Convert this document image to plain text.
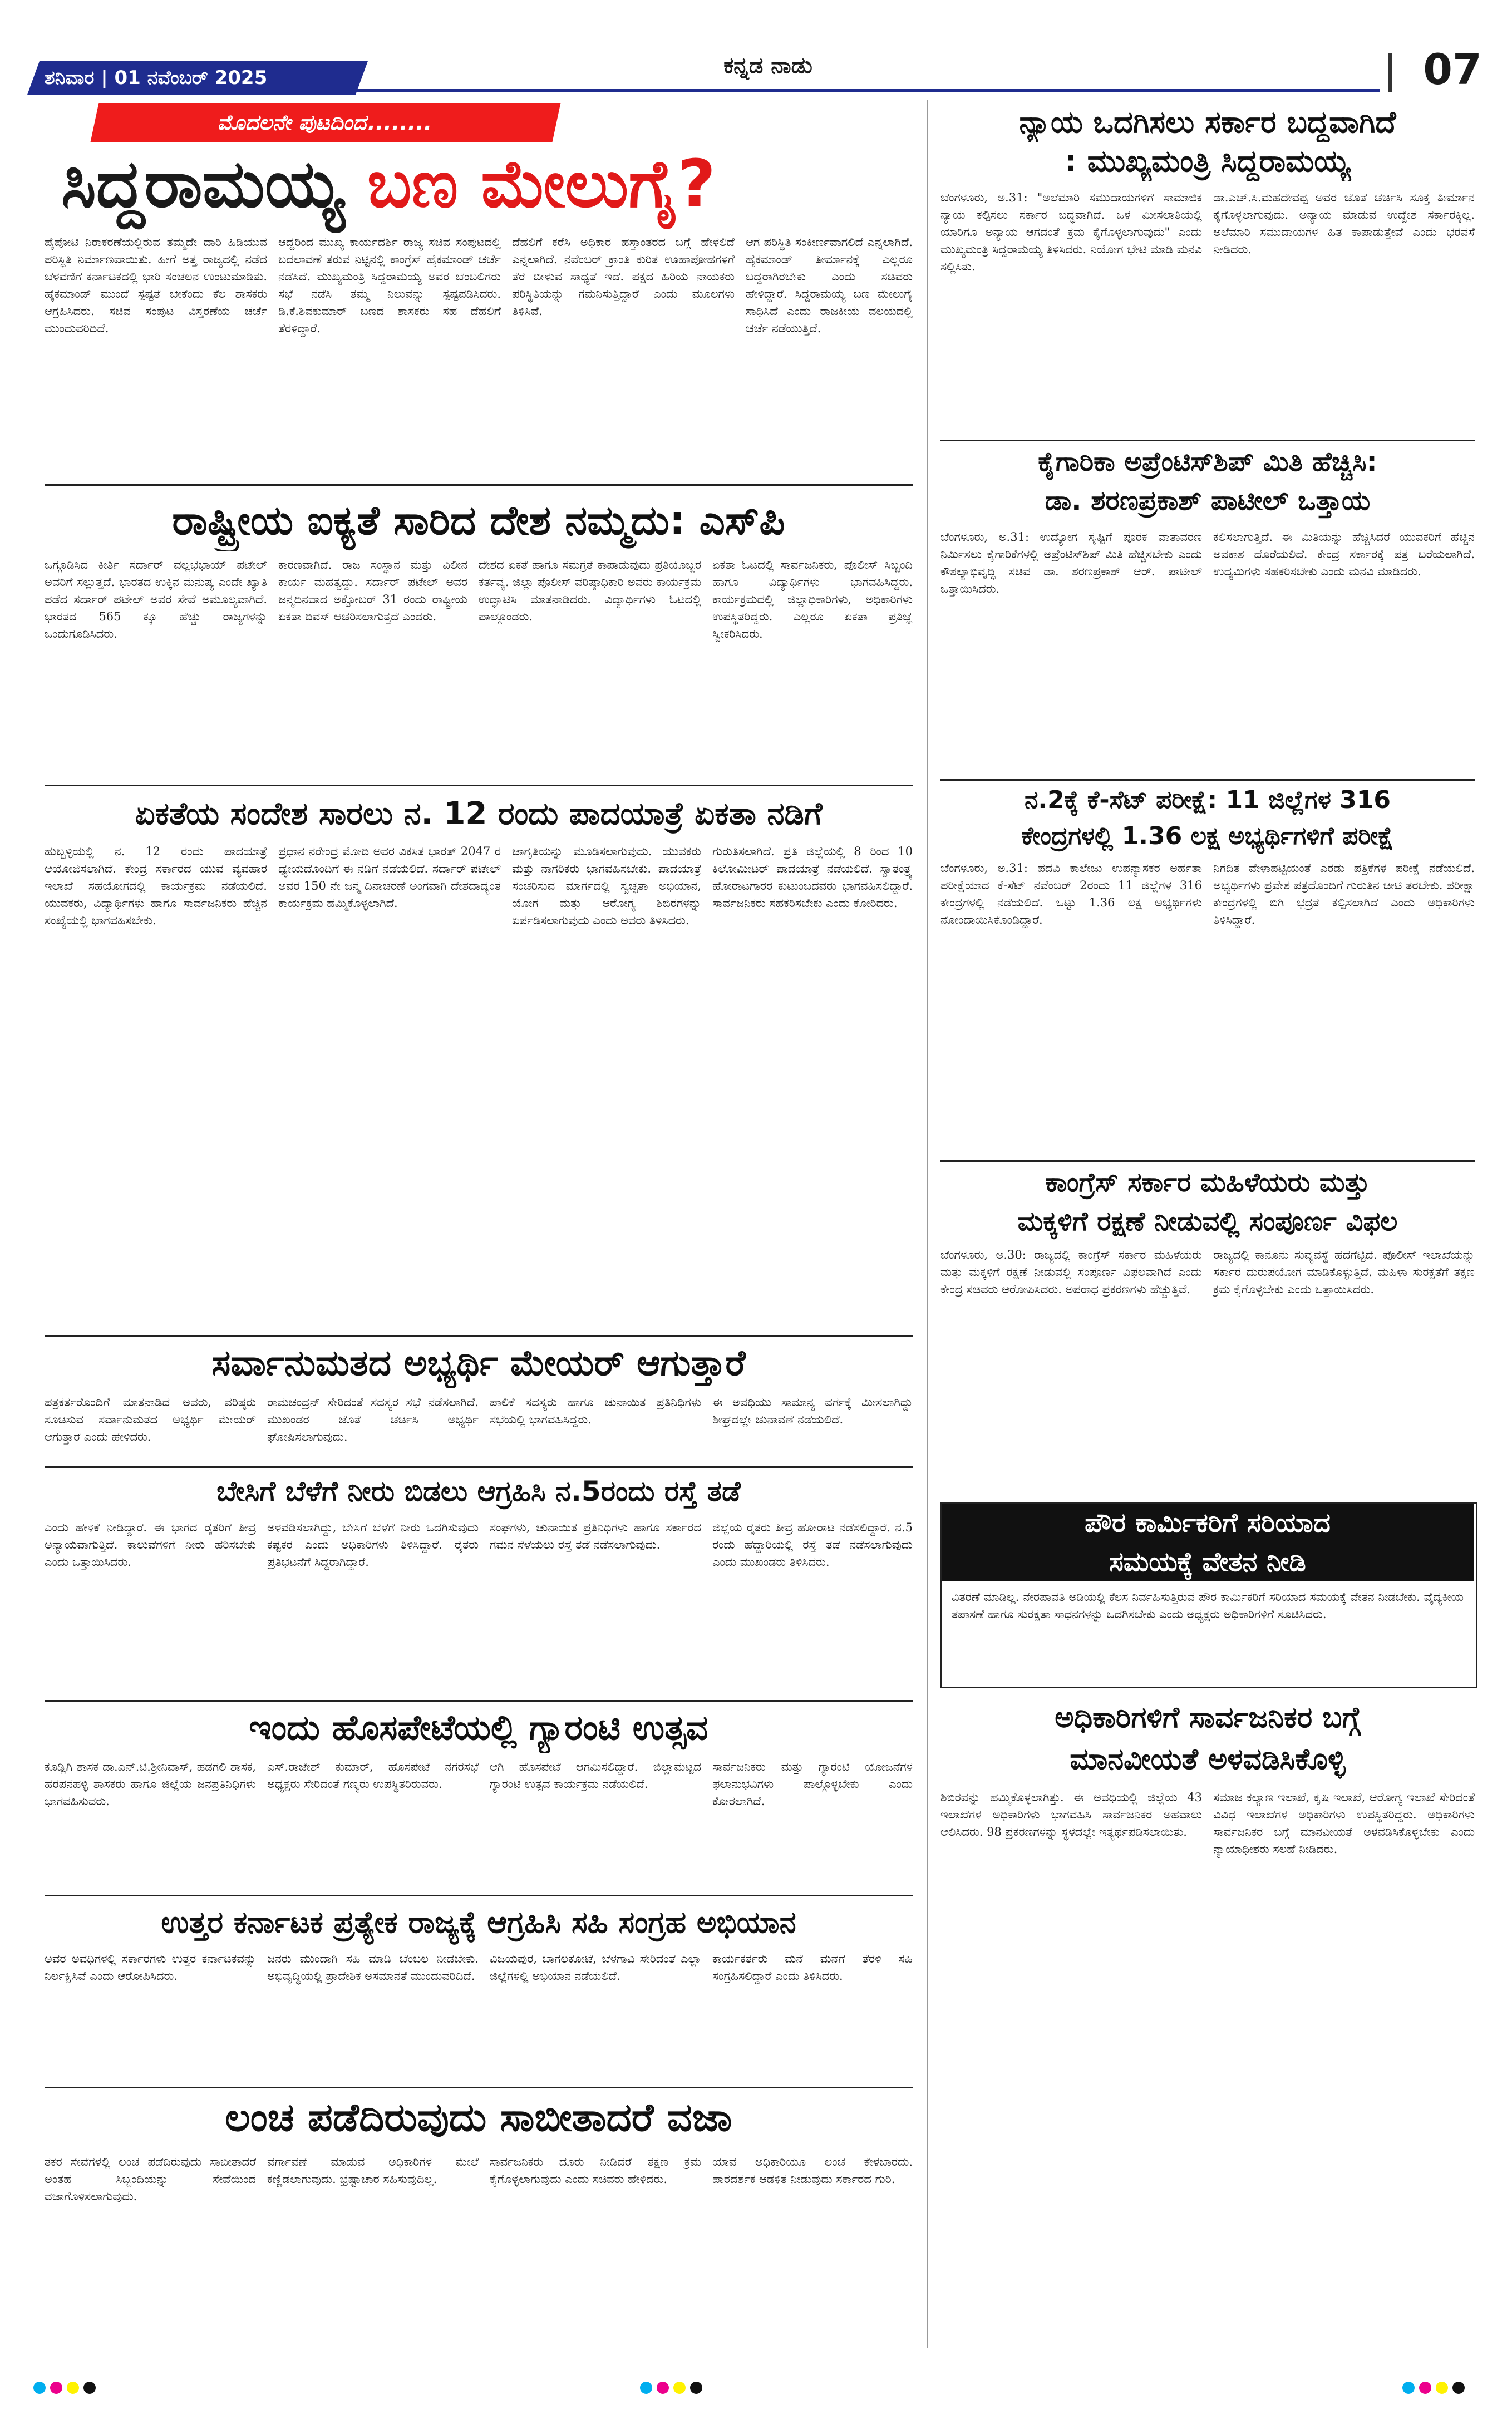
ಶನಿವಾರ | 01 ನವೆಂಬರ್ 2025	ಕನ್ನಡ ನಾಡು	07
ಮೊದಲನೇ ಪುಟದಿಂದ........
ಸಿದ್ದರಾಮಯ್ಯ ಬಣ ಮೇಲುಗೈ?
ಪೈಪೋಟಿ ನಿರಾಕರಣೆಯಲ್ಲಿರುವ ತಮ್ಮದೇ ದಾರಿ ಹಿಡಿಯುವ ಪರಿಸ್ಥಿತಿ ನಿರ್ಮಾಣವಾಯಿತು. ಹೀಗೆ ಅತ್ತ ರಾಜ್ಯದಲ್ಲಿ ನಡೆದ ಬೆಳವಣಿಗೆ ಕರ್ನಾಟಕದಲ್ಲಿ ಭಾರಿ ಸಂಚಲನ ಉಂಟುಮಾಡಿತು. ಹೈಕಮಾಂಡ್ ಮುಂದೆ ಸ್ಪಷ್ಟತೆ ಬೇಕೆಂದು ಕೆಲ ಶಾಸಕರು ಆಗ್ರಹಿಸಿದರು. ಸಚಿವ ಸಂಪುಟ ವಿಸ್ತರಣೆಯ ಚರ್ಚೆ ಮುಂದುವರಿದಿದೆ.
ಆದ್ದರಿಂದ ಮುಖ್ಯ ಕಾರ್ಯದರ್ಶಿ ರಾಜ್ಯ ಸಚಿವ ಸಂಪುಟದಲ್ಲಿ ಬದಲಾವಣೆ ತರುವ ನಿಟ್ಟಿನಲ್ಲಿ ಕಾಂಗ್ರೆಸ್ ಹೈಕಮಾಂಡ್ ಚರ್ಚೆ ನಡೆಸಿದೆ. ಮುಖ್ಯಮಂತ್ರಿ ಸಿದ್ದರಾಮಯ್ಯ ಅವರ ಬೆಂಬಲಿಗರು ಸಭೆ ನಡೆಸಿ ತಮ್ಮ ನಿಲುವನ್ನು ಸ್ಪಷ್ಟಪಡಿಸಿದರು. ಡಿ.ಕೆ.ಶಿವಕುಮಾರ್ ಬಣದ ಶಾಸಕರು ಸಹ ದೆಹಲಿಗೆ ತೆರಳಿದ್ದಾರೆ.
ದೆಹಲಿಗೆ ಕರೆಸಿ ಅಧಿಕಾರ ಹಸ್ತಾಂತರದ ಬಗ್ಗೆ ಹೇಳಲಿದೆ ಎನ್ನಲಾಗಿದೆ. ನವೆಂಬರ್ ಕ್ರಾಂತಿ ಕುರಿತ ಊಹಾಪೋಹಗಳಿಗೆ ತೆರೆ ಬೀಳುವ ಸಾಧ್ಯತೆ ಇದೆ. ಪಕ್ಷದ ಹಿರಿಯ ನಾಯಕರು ಪರಿಸ್ಥಿತಿಯನ್ನು ಗಮನಿಸುತ್ತಿದ್ದಾರೆ ಎಂದು ಮೂಲಗಳು ತಿಳಿಸಿವೆ.
ಆಗ ಪರಿಸ್ಥಿತಿ ಸಂಕೀರ್ಣವಾಗಲಿದೆ ಎನ್ನಲಾಗಿದೆ. ಹೈಕಮಾಂಡ್ ತೀರ್ಮಾನಕ್ಕೆ ಎಲ್ಲರೂ ಬದ್ಧರಾಗಿರಬೇಕು ಎಂದು ಸಚಿವರು ಹೇಳಿದ್ದಾರೆ. ಸಿದ್ದರಾಮಯ್ಯ ಬಣ ಮೇಲುಗೈ ಸಾಧಿಸಿದೆ ಎಂದು ರಾಜಕೀಯ ವಲಯದಲ್ಲಿ ಚರ್ಚೆ ನಡೆಯುತ್ತಿದೆ.
ರಾಷ್ಟ್ರೀಯ ಐಕ್ಯತೆ ಸಾರಿದ ದೇಶ ನಮ್ಮದು: ಎಸ್‌ಪಿ
ಒಗ್ಗೂಡಿಸಿದ ಕೀರ್ತಿ ಸರ್ದಾರ್ ವಲ್ಲಭಭಾಯ್ ಪಟೇಲ್ ಅವರಿಗೆ ಸಲ್ಲುತ್ತದೆ. ಭಾರತದ ಉಕ್ಕಿನ ಮನುಷ್ಯ ಎಂದೇ ಖ್ಯಾತಿ ಪಡೆದ ಸರ್ದಾರ್ ಪಟೇಲ್ ಅವರ ಸೇವೆ ಅಮೂಲ್ಯವಾಗಿದೆ. ಭಾರತದ 565 ಕ್ಕೂ ಹೆಚ್ಚು ರಾಜ್ಯಗಳನ್ನು ಒಂದುಗೂಡಿಸಿದರು.
ಕಾರಣವಾಗಿದೆ. ರಾಜ ಸಂಸ್ಥಾನ ಮತ್ತು ವಿಲೀನ ಕಾರ್ಯ ಮಹತ್ವದ್ದು. ಸರ್ದಾರ್ ಪಟೇಲ್ ಅವರ ಜನ್ಮದಿನವಾದ ಅಕ್ಟೋಬರ್ 31 ರಂದು ರಾಷ್ಟ್ರೀಯ ಏಕತಾ ದಿವಸ್ ಆಚರಿಸಲಾಗುತ್ತದೆ ಎಂದರು.
ದೇಶದ ಏಕತೆ ಹಾಗೂ ಸಮಗ್ರತೆ ಕಾಪಾಡುವುದು ಪ್ರತಿಯೊಬ್ಬರ ಕರ್ತವ್ಯ. ಜಿಲ್ಲಾ ಪೊಲೀಸ್ ವರಿಷ್ಠಾಧಿಕಾರಿ ಅವರು ಕಾರ್ಯಕ್ರಮ ಉದ್ಘಾಟಿಸಿ ಮಾತನಾಡಿದರು. ವಿದ್ಯಾರ್ಥಿಗಳು ಓಟದಲ್ಲಿ ಪಾಲ್ಗೊಂಡರು.
ಏಕತಾ ಓಟದಲ್ಲಿ ಸಾರ್ವಜನಿಕರು, ಪೊಲೀಸ್ ಸಿಬ್ಬಂದಿ ಹಾಗೂ ವಿದ್ಯಾರ್ಥಿಗಳು ಭಾಗವಹಿಸಿದ್ದರು. ಕಾರ್ಯಕ್ರಮದಲ್ಲಿ ಜಿಲ್ಲಾಧಿಕಾರಿಗಳು, ಅಧಿಕಾರಿಗಳು ಉಪಸ್ಥಿತರಿದ್ದರು. ಎಲ್ಲರೂ ಏಕತಾ ಪ್ರತಿಜ್ಞೆ ಸ್ವೀಕರಿಸಿದರು.
ಏಕತೆಯ ಸಂದೇಶ ಸಾರಲು ನ. 12 ರಂದು ಪಾದಯಾತ್ರೆ ಏಕತಾ ನಡಿಗೆ
ಹುಬ್ಬಳ್ಳಿಯಲ್ಲಿ ನ. 12 ರಂದು ಪಾದಯಾತ್ರೆ ಆಯೋಜಿಸಲಾಗಿದೆ. ಕೇಂದ್ರ ಸರ್ಕಾರದ ಯುವ ವ್ಯವಹಾರ ಇಲಾಖೆ ಸಹಯೋಗದಲ್ಲಿ ಕಾರ್ಯಕ್ರಮ ನಡೆಯಲಿದೆ. ಯುವಕರು, ವಿದ್ಯಾರ್ಥಿಗಳು ಹಾಗೂ ಸಾರ್ವಜನಿಕರು ಹೆಚ್ಚಿನ ಸಂಖ್ಯೆಯಲ್ಲಿ ಭಾಗವಹಿಸಬೇಕು.
ಪ್ರಧಾನ ನರೇಂದ್ರ ಮೋದಿ ಅವರ ವಿಕಸಿತ ಭಾರತ್ 2047 ರ ಧ್ಯೇಯದೊಂದಿಗೆ ಈ ನಡಿಗೆ ನಡೆಯಲಿದೆ. ಸರ್ದಾರ್ ಪಟೇಲ್ ಅವರ 150 ನೇ ಜನ್ಮ ದಿನಾಚರಣೆ ಅಂಗವಾಗಿ ದೇಶದಾದ್ಯಂತ ಕಾರ್ಯಕ್ರಮ ಹಮ್ಮಿಕೊಳ್ಳಲಾಗಿದೆ.
ಜಾಗೃತಿಯನ್ನು ಮೂಡಿಸಲಾಗುವುದು. ಯುವಕರು ಮತ್ತು ನಾಗರಿಕರು ಭಾಗವಹಿಸಬೇಕು. ಪಾದಯಾತ್ರೆ ಸಂಚರಿಸುವ ಮಾರ್ಗದಲ್ಲಿ ಸ್ವಚ್ಛತಾ ಅಭಿಯಾನ, ಯೋಗ ಮತ್ತು ಆರೋಗ್ಯ ಶಿಬಿರಗಳನ್ನು ಏರ್ಪಡಿಸಲಾಗುವುದು ಎಂದು ಅವರು ತಿಳಿಸಿದರು.
ಗುರುತಿಸಲಾಗಿದೆ. ಪ್ರತಿ ಜಿಲ್ಲೆಯಲ್ಲಿ 8 ರಿಂದ 10 ಕಿಲೋಮೀಟರ್ ಪಾದಯಾತ್ರೆ ನಡೆಯಲಿದೆ. ಸ್ವಾತಂತ್ರ್ಯ ಹೋರಾಟಗಾರರ ಕುಟುಂಬದವರು ಭಾಗವಹಿಸಲಿದ್ದಾರೆ. ಸಾರ್ವಜನಿಕರು ಸಹಕರಿಸಬೇಕು ಎಂದು ಕೋರಿದರು.
ಸರ್ವಾನುಮತದ ಅಭ್ಯರ್ಥಿ ಮೇಯರ್ ಆಗುತ್ತಾರೆ
ಪತ್ರಕರ್ತರೊಂದಿಗೆ ಮಾತನಾಡಿದ ಅವರು, ವರಿಷ್ಠರು ಸೂಚಿಸುವ ಸರ್ವಾನುಮತದ ಅಭ್ಯರ್ಥಿ ಮೇಯರ್ ಆಗುತ್ತಾರೆ ಎಂದು ಹೇಳಿದರು.
ರಾಮಚಂದ್ರನ್ ಸೇರಿದಂತೆ ಸದಸ್ಯರ ಸಭೆ ನಡೆಸಲಾಗಿದೆ. ಮುಖಂಡರ ಜೊತೆ ಚರ್ಚಿಸಿ ಅಭ್ಯರ್ಥಿ ಘೋಷಿಸಲಾಗುವುದು.
ಪಾಲಿಕೆ ಸದಸ್ಯರು ಹಾಗೂ ಚುನಾಯಿತ ಪ್ರತಿನಿಧಿಗಳು ಸಭೆಯಲ್ಲಿ ಭಾಗವಹಿಸಿದ್ದರು.
ಈ ಅವಧಿಯು ಸಾಮಾನ್ಯ ವರ್ಗಕ್ಕೆ ಮೀಸಲಾಗಿದ್ದು ಶೀಘ್ರದಲ್ಲೇ ಚುನಾವಣೆ ನಡೆಯಲಿದೆ.
ಬೇಸಿಗೆ ಬೆಳೆಗೆ ನೀರು ಬಿಡಲು ಆಗ್ರಹಿಸಿ ನ.5ರಂದು ರಸ್ತೆ ತಡೆ
ಎಂದು ಹೇಳಿಕೆ ನೀಡಿದ್ದಾರೆ. ಈ ಭಾಗದ ರೈತರಿಗೆ ತೀವ್ರ ಅನ್ಯಾಯವಾಗುತ್ತಿದೆ. ಕಾಲುವೆಗಳಿಗೆ ನೀರು ಹರಿಸಬೇಕು ಎಂದು ಒತ್ತಾಯಿಸಿದರು.
ಅಳವಡಿಸಲಾಗಿದ್ದು, ಬೇಸಿಗೆ ಬೆಳೆಗೆ ನೀರು ಒದಗಿಸುವುದು ಕಷ್ಟಕರ ಎಂದು ಅಧಿಕಾರಿಗಳು ತಿಳಿಸಿದ್ದಾರೆ. ರೈತರು ಪ್ರತಿಭಟನೆಗೆ ಸಿದ್ಧರಾಗಿದ್ದಾರೆ.
ಸಂಘಗಳು, ಚುನಾಯಿತ ಪ್ರತಿನಿಧಿಗಳು ಹಾಗೂ ಸರ್ಕಾರದ ಗಮನ ಸೆಳೆಯಲು ರಸ್ತೆ ತಡೆ ನಡೆಸಲಾಗುವುದು.
ಜಿಲ್ಲೆಯ ರೈತರು ತೀವ್ರ ಹೋರಾಟ ನಡೆಸಲಿದ್ದಾರೆ. ನ.5 ರಂದು ಹೆದ್ದಾರಿಯಲ್ಲಿ ರಸ್ತೆ ತಡೆ ನಡೆಸಲಾಗುವುದು ಎಂದು ಮುಖಂಡರು ತಿಳಿಸಿದರು.
ಇಂದು ಹೊಸಪೇಟೆಯಲ್ಲಿ ಗ್ಯಾರಂಟಿ ಉತ್ಸವ
ಕೂಡ್ಲಿಗಿ ಶಾಸಕ ಡಾ.ಎನ್.ಟಿ.ಶ್ರೀನಿವಾಸ್, ಹಡಗಲಿ ಶಾಸಕ, ಹರಪನಹಳ್ಳಿ ಶಾಸಕರು ಹಾಗೂ ಜಿಲ್ಲೆಯ ಜನಪ್ರತಿನಿಧಿಗಳು ಭಾಗವಹಿಸುವರು.
ಎಸ್.ರಾಜೇಶ್ ಕುಮಾರ್, ಹೊಸಪೇಟೆ ನಗರಸಭೆ ಅಧ್ಯಕ್ಷರು ಸೇರಿದಂತೆ ಗಣ್ಯರು ಉಪಸ್ಥಿತರಿರುವರು.
ಆಗಿ ಹೊಸಪೇಟೆ ಆಗಮಿಸಲಿದ್ದಾರೆ. ಜಿಲ್ಲಾಮಟ್ಟದ ಗ್ಯಾರಂಟಿ ಉತ್ಸವ ಕಾರ್ಯಕ್ರಮ ನಡೆಯಲಿದೆ.
ಸಾರ್ವಜನಿಕರು ಮತ್ತು ಗ್ಯಾರಂಟಿ ಯೋಜನೆಗಳ ಫಲಾನುಭವಿಗಳು ಪಾಲ್ಗೊಳ್ಳಬೇಕು ಎಂದು ಕೋರಲಾಗಿದೆ.
ಉತ್ತರ ಕರ್ನಾಟಕ ಪ್ರತ್ಯೇಕ ರಾಜ್ಯಕ್ಕೆ ಆಗ್ರಹಿಸಿ ಸಹಿ ಸಂಗ್ರಹ ಅಭಿಯಾನ
ಅವರ ಅವಧಿಗಳಲ್ಲಿ ಸರ್ಕಾರಗಳು ಉತ್ತರ ಕರ್ನಾಟಕವನ್ನು ನಿರ್ಲಕ್ಷಿಸಿವೆ ಎಂದು ಆರೋಪಿಸಿದರು.
ಜನರು ಮುಂದಾಗಿ ಸಹಿ ಮಾಡಿ ಬೆಂಬಲ ನೀಡಬೇಕು. ಅಭಿವೃದ್ಧಿಯಲ್ಲಿ ಪ್ರಾದೇಶಿಕ ಅಸಮಾನತೆ ಮುಂದುವರಿದಿದೆ.
ವಿಜಯಪುರ, ಬಾಗಲಕೋಟೆ, ಬೆಳಗಾವಿ ಸೇರಿದಂತೆ ಎಲ್ಲಾ ಜಿಲ್ಲೆಗಳಲ್ಲಿ ಅಭಿಯಾನ ನಡೆಯಲಿದೆ.
ಕಾರ್ಯಕರ್ತರು ಮನೆ ಮನೆಗೆ ತೆರಳಿ ಸಹಿ ಸಂಗ್ರಹಿಸಲಿದ್ದಾರೆ ಎಂದು ತಿಳಿಸಿದರು.
ಲಂಚ ಪಡೆದಿರುವುದು ಸಾಬೀತಾದರೆ ವಜಾ
ತಕರ ಸೇವೆಗಳಲ್ಲಿ ಲಂಚ ಪಡೆದಿರುವುದು ಸಾಬೀತಾದರೆ ಅಂತಹ ಸಿಬ್ಬಂದಿಯನ್ನು ಸೇವೆಯಿಂದ ವಜಾಗೊಳಿಸಲಾಗುವುದು.
ವರ್ಗಾವಣೆ ಮಾಡುವ ಅಧಿಕಾರಿಗಳ ಮೇಲೆ ಕಣ್ಣಿಡಲಾಗುವುದು. ಭ್ರಷ್ಟಾಚಾರ ಸಹಿಸುವುದಿಲ್ಲ.
ಸಾರ್ವಜನಿಕರು ದೂರು ನೀಡಿದರೆ ತಕ್ಷಣ ಕ್ರಮ ಕೈಗೊಳ್ಳಲಾಗುವುದು ಎಂದು ಸಚಿವರು ಹೇಳಿದರು.
ಯಾವ ಅಧಿಕಾರಿಯೂ ಲಂಚ ಕೇಳಬಾರದು. ಪಾರದರ್ಶಕ ಆಡಳಿತ ನೀಡುವುದು ಸರ್ಕಾರದ ಗುರಿ.
ನ್ಯಾಯ ಒದಗಿಸಲು ಸರ್ಕಾರ ಬದ್ಧವಾಗಿದೆ
: ಮುಖ್ಯಮಂತ್ರಿ ಸಿದ್ದರಾಮಯ್ಯ
ಬೆಂಗಳೂರು, ಅ.31: "ಅಲೆಮಾರಿ ಸಮುದಾಯಗಳಿಗೆ ಸಾಮಾಜಿಕ ನ್ಯಾಯ ಕಲ್ಪಿಸಲು ಸರ್ಕಾರ ಬದ್ಧವಾಗಿದೆ. ಒಳ ಮೀಸಲಾತಿಯಲ್ಲಿ ಯಾರಿಗೂ ಅನ್ಯಾಯ ಆಗದಂತೆ ಕ್ರಮ ಕೈಗೊಳ್ಳಲಾಗುವುದು" ಎಂದು ಮುಖ್ಯಮಂತ್ರಿ ಸಿದ್ದರಾಮಯ್ಯ ತಿಳಿಸಿದರು. ನಿಯೋಗ ಭೇಟಿ ಮಾಡಿ ಮನವಿ ಸಲ್ಲಿಸಿತು.
ಡಾ.ಎಚ್.ಸಿ.ಮಹದೇವಪ್ಪ ಅವರ ಜೊತೆ ಚರ್ಚಿಸಿ ಸೂಕ್ತ ತೀರ್ಮಾನ ಕೈಗೊಳ್ಳಲಾಗುವುದು. ಅನ್ಯಾಯ ಮಾಡುವ ಉದ್ದೇಶ ಸರ್ಕಾರಕ್ಕಿಲ್ಲ. ಅಲೆಮಾರಿ ಸಮುದಾಯಗಳ ಹಿತ ಕಾಪಾಡುತ್ತೇವೆ ಎಂದು ಭರವಸೆ ನೀಡಿದರು.
ಕೈಗಾರಿಕಾ ಅಪ್ರೆಂಟಿಸ್‌ಶಿಪ್ ಮಿತಿ ಹೆಚ್ಚಿಸಿ:
ಡಾ. ಶರಣಪ್ರಕಾಶ್ ಪಾಟೀಲ್ ಒತ್ತಾಯ
ಬೆಂಗಳೂರು, ಅ.31: ಉದ್ಯೋಗ ಸೃಷ್ಟಿಗೆ ಪೂರಕ ವಾತಾವರಣ ನಿರ್ಮಿಸಲು ಕೈಗಾರಿಕೆಗಳಲ್ಲಿ ಅಪ್ರೆಂಟಿಸ್‌ಶಿಪ್ ಮಿತಿ ಹೆಚ್ಚಿಸಬೇಕು ಎಂದು ಕೌಶಲ್ಯಾಭಿವೃದ್ಧಿ ಸಚಿವ ಡಾ. ಶರಣಪ್ರಕಾಶ್ ಆರ್. ಪಾಟೀಲ್ ಒತ್ತಾಯಿಸಿದರು.
ಕಲಿಸಲಾಗುತ್ತಿದೆ. ಈ ಮಿತಿಯನ್ನು ಹೆಚ್ಚಿಸಿದರೆ ಯುವಕರಿಗೆ ಹೆಚ್ಚಿನ ಅವಕಾಶ ದೊರೆಯಲಿದೆ. ಕೇಂದ್ರ ಸರ್ಕಾರಕ್ಕೆ ಪತ್ರ ಬರೆಯಲಾಗಿದೆ. ಉದ್ಯಮಿಗಳು ಸಹಕರಿಸಬೇಕು ಎಂದು ಮನವಿ ಮಾಡಿದರು.
ನ.2ಕ್ಕೆ ಕೆ-ಸೆಟ್ ಪರೀಕ್ಷೆ: 11 ಜಿಲ್ಲೆಗಳ 316
ಕೇಂದ್ರಗಳಲ್ಲಿ 1.36 ಲಕ್ಷ ಅಭ್ಯರ್ಥಿಗಳಿಗೆ ಪರೀಕ್ಷೆ
ಬೆಂಗಳೂರು, ಅ.31: ಪದವಿ ಕಾಲೇಜು ಉಪನ್ಯಾಸಕರ ಅರ್ಹತಾ ಪರೀಕ್ಷೆಯಾದ ಕೆ-ಸೆಟ್ ನವೆಂಬರ್ 2ರಂದು 11 ಜಿಲ್ಲೆಗಳ 316 ಕೇಂದ್ರಗಳಲ್ಲಿ ನಡೆಯಲಿದೆ. ಒಟ್ಟು 1.36 ಲಕ್ಷ ಅಭ್ಯರ್ಥಿಗಳು ನೋಂದಾಯಿಸಿಕೊಂಡಿದ್ದಾರೆ.
ನಿಗದಿತ ವೇಳಾಪಟ್ಟಿಯಂತೆ ಎರಡು ಪತ್ರಿಕೆಗಳ ಪರೀಕ್ಷೆ ನಡೆಯಲಿದೆ. ಅಭ್ಯರ್ಥಿಗಳು ಪ್ರವೇಶ ಪತ್ರದೊಂದಿಗೆ ಗುರುತಿನ ಚೀಟಿ ತರಬೇಕು. ಪರೀಕ್ಷಾ ಕೇಂದ್ರಗಳಲ್ಲಿ ಬಿಗಿ ಭದ್ರತೆ ಕಲ್ಪಿಸಲಾಗಿದೆ ಎಂದು ಅಧಿಕಾರಿಗಳು ತಿಳಿಸಿದ್ದಾರೆ.
ಕಾಂಗ್ರೆಸ್ ಸರ್ಕಾರ ಮಹಿಳೆಯರು ಮತ್ತು
ಮಕ್ಕಳಿಗೆ ರಕ್ಷಣೆ ನೀಡುವಲ್ಲಿ ಸಂಪೂರ್ಣ ವಿಫಲ
ಬೆಂಗಳೂರು, ಅ.30: ರಾಜ್ಯದಲ್ಲಿ ಕಾಂಗ್ರೆಸ್ ಸರ್ಕಾರ ಮಹಿಳೆಯರು ಮತ್ತು ಮಕ್ಕಳಿಗೆ ರಕ್ಷಣೆ ನೀಡುವಲ್ಲಿ ಸಂಪೂರ್ಣ ವಿಫಲವಾಗಿದೆ ಎಂದು ಕೇಂದ್ರ ಸಚಿವರು ಆರೋಪಿಸಿದರು. ಅಪರಾಧ ಪ್ರಕರಣಗಳು ಹೆಚ್ಚುತ್ತಿವೆ.
ರಾಜ್ಯದಲ್ಲಿ ಕಾನೂನು ಸುವ್ಯವಸ್ಥೆ ಹದಗೆಟ್ಟಿದೆ. ಪೊಲೀಸ್ ಇಲಾಖೆಯನ್ನು ಸರ್ಕಾರ ದುರುಪಯೋಗ ಮಾಡಿಕೊಳ್ಳುತ್ತಿದೆ. ಮಹಿಳಾ ಸುರಕ್ಷತೆಗೆ ತಕ್ಷಣ ಕ್ರಮ ಕೈಗೊಳ್ಳಬೇಕು ಎಂದು ಒತ್ತಾಯಿಸಿದರು.
ಪೌರ ಕಾರ್ಮಿಕರಿಗೆ ಸರಿಯಾದ
ಸಮಯಕ್ಕೆ ವೇತನ ನೀಡಿ
ವಿತರಣೆ ಮಾಡಿಲ್ಲ. ನೇರಪಾವತಿ ಅಡಿಯಲ್ಲಿ ಕೆಲಸ ನಿರ್ವಹಿಸುತ್ತಿರುವ ಪೌರ ಕಾರ್ಮಿಕರಿಗೆ ಸರಿಯಾದ ಸಮಯಕ್ಕೆ ವೇತನ ನೀಡಬೇಕು. ವೈದ್ಯಕೀಯ ತಪಾಸಣೆ ಹಾಗೂ ಸುರಕ್ಷತಾ ಸಾಧನಗಳನ್ನು ಒದಗಿಸಬೇಕು ಎಂದು ಅಧ್ಯಕ್ಷರು ಅಧಿಕಾರಿಗಳಿಗೆ ಸೂಚಿಸಿದರು.
ಅಧಿಕಾರಿಗಳಿಗೆ ಸಾರ್ವಜನಿಕರ ಬಗ್ಗೆ
ಮಾನವೀಯತೆ ಅಳವಡಿಸಿಕೊಳ್ಳಿ
ಶಿಬಿರವನ್ನು ಹಮ್ಮಿಕೊಳ್ಳಲಾಗಿತ್ತು. ಈ ಅವಧಿಯಲ್ಲಿ ಜಿಲ್ಲೆಯ 43 ಇಲಾಖೆಗಳ ಅಧಿಕಾರಿಗಳು ಭಾಗವಹಿಸಿ ಸಾರ್ವಜನಿಕರ ಅಹವಾಲು ಆಲಿಸಿದರು. 98 ಪ್ರಕರಣಗಳನ್ನು ಸ್ಥಳದಲ್ಲೇ ಇತ್ಯರ್ಥಪಡಿಸಲಾಯಿತು.
ಸಮಾಜ ಕಲ್ಯಾಣ ಇಲಾಖೆ, ಕೃಷಿ ಇಲಾಖೆ, ಆರೋಗ್ಯ ಇಲಾಖೆ ಸೇರಿದಂತೆ ವಿವಿಧ ಇಲಾಖೆಗಳ ಅಧಿಕಾರಿಗಳು ಉಪಸ್ಥಿತರಿದ್ದರು. ಅಧಿಕಾರಿಗಳು ಸಾರ್ವಜನಿಕರ ಬಗ್ಗೆ ಮಾನವೀಯತೆ ಅಳವಡಿಸಿಕೊಳ್ಳಬೇಕು ಎಂದು ನ್ಯಾಯಾಧೀಶರು ಸಲಹೆ ನೀಡಿದರು.
